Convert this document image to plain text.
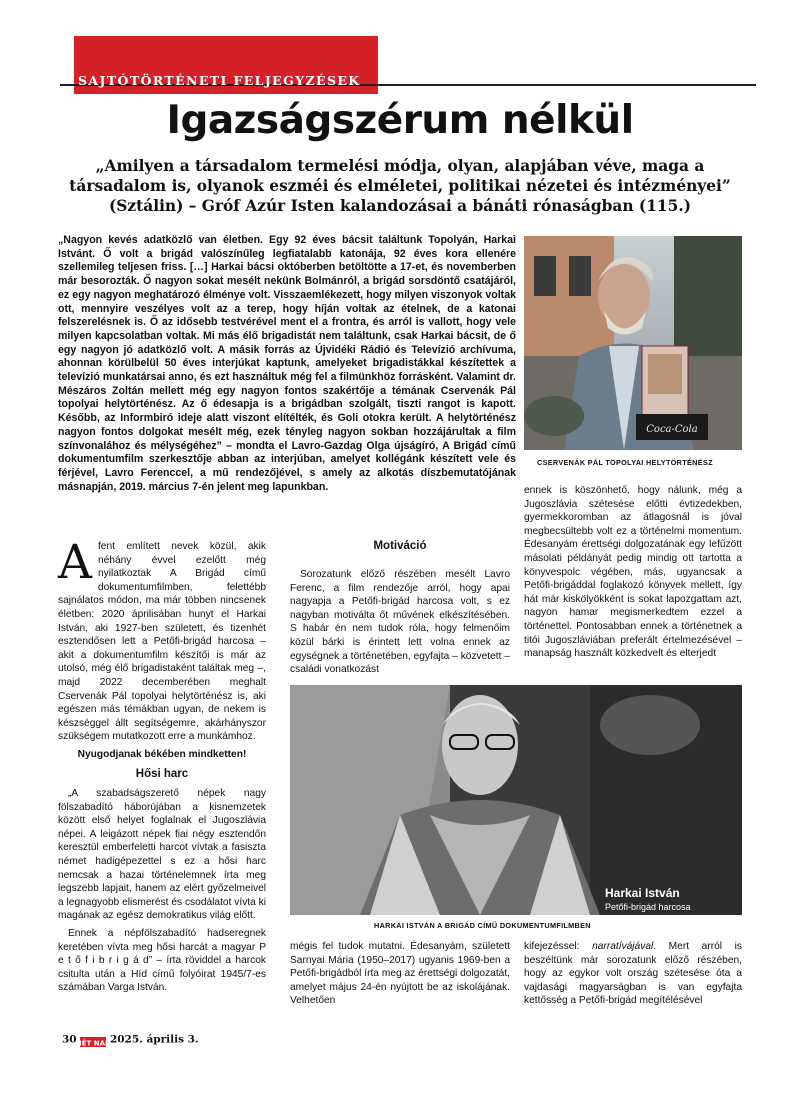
SAJTÓTÖRTÉNETI FELJEGYZÉSEK
Igazságszérum nélkül
„Amilyen a társadalom termelési módja, olyan, alapjában véve, maga a társadalom is, olyanok eszméi és elméletei, politikai nézetei és intézményei” (Sztálin) – Gróf Azúr Isten kalandozásai a bánáti rónaságban (115.)
„Nagyon kevés adatközlő van életben. Egy 92 éves bácsit találtunk Topolyán, Harkai Istvánt. Ő volt a brigád valószínűleg legfiatalabb katonája, 92 éves kora ellenére szellemileg teljesen friss. […] Harkai bácsi októberben betöltötte a 17-et, és novemberben már besorozták. Ő nagyon sokat mesélt nekünk Bolmánról, a brigád sorsdöntő csatájáról, ez egy nagyon meghatározó élménye volt. Visszaemlékezett, hogy milyen viszonyok voltak ott, mennyire veszélyes volt az a terep, hogy híján voltak az ételnek, de a katonai felszerelésnek is. Ő az idősebb testvérével ment el a frontra, és arról is vallott, hogy vele milyen kapcsolatban voltak. Mi más élő brigadistát nem találtunk, csak Harkai bácsit, de ő egy nagyon jó adatközlő volt. A másik forrás az Újvidéki Rádió és Televízió archívuma, ahonnan körülbelül 50 éves interjúkat kaptunk, amelyeket brigadistákkal készítettek a televízió munkatársai anno, és ezt használtuk még fel a filmünkhöz forrásként. Valamint dr. Mészáros Zoltán mellett még egy nagyon fontos szakértője a témának Cservenák Pál topolyai helytörténész. Az ő édesapja is a brigádban szolgált, tiszti rangot is kapott. Később, az Informbiró ideje alatt viszont elítélték, és Goli otokra került. A helytörténész nagyon fontos dolgokat mesélt még, ezek tényleg nagyon sokban hozzájárultak a film színvonalához és mélységéhez” – mondta el Lavro-Gazdag Olga újságíró, A Brigád című dokumentumfilm szerkesztője abban az interjúban, amelyet kollégánk készített vele és férjével, Lavro Ferenccel, a mű rendezőjével, s amely az alkotás díszbemutatójának másnapján, 2019. március 7-én jelent meg lapunkban.
Coca-Cola
CSERVENÁK PÁL TOPOLYAI HELYTÖRTÉNÉSZ

Afent említett nevek közül, akik néhány évvel ezelőtt még nyilatkoztak A Brigád című dokumentumfilmben, felettébb sajnálatos módon, ma már többen nincsenek életben: 2020 áprilisában hunyt el Harkai István, aki 1927-ben született, és tizenhét esztendősen lett a Petőfi-brigád harcosa – akit a dokumentumfilm készítői is már az utolsó, még élő brigadistaként találtak meg –, majd 2022 decemberében meghalt Cservenák Pál topolyai helytörténész is, aki egészen más témákban ugyan, de nekem is készséggel állt segítségemre, akárhányszor szükségem mutatkozott erre a munkámhoz.

Nyugodjanak békében mindketten!

Hősi harc

„A szabadságszerető népek nagy fölszabadító háborújában a kisnemzetek között első helyet foglalnak el Jugoszlávia népei. A leigázott népek fiai négy esztendőn keresztül emberfeletti harcot vívtak a fasiszta német hadigépezettel s ez a hősi harc nemcsak a hazai történelemnek írta meg legszebb lapjait, hanem az elért győzelmeivel a legnagyobb elismerést és csodálatot vívta ki magának az egész demokratikus világ előtt.

Ennek a népfölszabadító hadseregnek keretében vívta meg hősi harcát a magyar P e t ő f i b r i g á d” – írta röviddel a harcok csitulta után a Híd című folyóirat 1945/7-es számában Varga István.

Motiváció

Sorozatunk előző részében mesélt Lavro Ferenc, a film rendezője arról, hogy apai nagyapja a Petőfi-brigád harcosa volt, s ez nagyban motiválta őt művének elkészítésében. S habár én nem tudok róla, hogy felmenőim közül bárki is érintett lett volna ennek az egységnek a történetében, egyfajta – közvetett – családi vonatkozást

ennek is köszönhető, hogy nálunk, még a Jugoszlávia szétesése előtti évtizedekben, gyermekkoromban az átlagosnál is jóval megbecsültebb volt ez a történelmi momentum. Édesanyám érettségi dolgozatának egy lefűzött másolati példányát pedig mindig ott tartotta a könyvespolc végében, más, ugyancsak a Petőfi-brigáddal foglakozó könyvek mellett, így hát már kiskölyökként is sokat lapozgattam azt, nagyon hamar megismerkedtem ezzel a történettel. Pontosabban ennek a történetnek a titói Jugoszláviában preferált értelmezésével – manapság használt közkedvelt és elterjedt

Harkai István
Petőfi-brigád harcosa
HARKAI ISTVÁN A BRIGÁD CÍMŰ DOKUMENTUMFILMBEN

mégis fel tudok mutatni. Édesanyám, született Sarnyai Mária (1950–2017) ugyanis 1969-ben a Petőfi-brigádból írta meg az érettségi dolgozatát, amelyet május 24-én nyújtott be az iskolájának. Velhetően

kifejezéssel: narratívájával. Mert arról is beszéltünk már sorozatunk előző részében, hogy az egykor volt ország szétesése óta a vajdasági magyarságban is van egyfajta kettősség a Petőfi-brigád megítélésével

30 HÉT NAP 2025. április 3.
